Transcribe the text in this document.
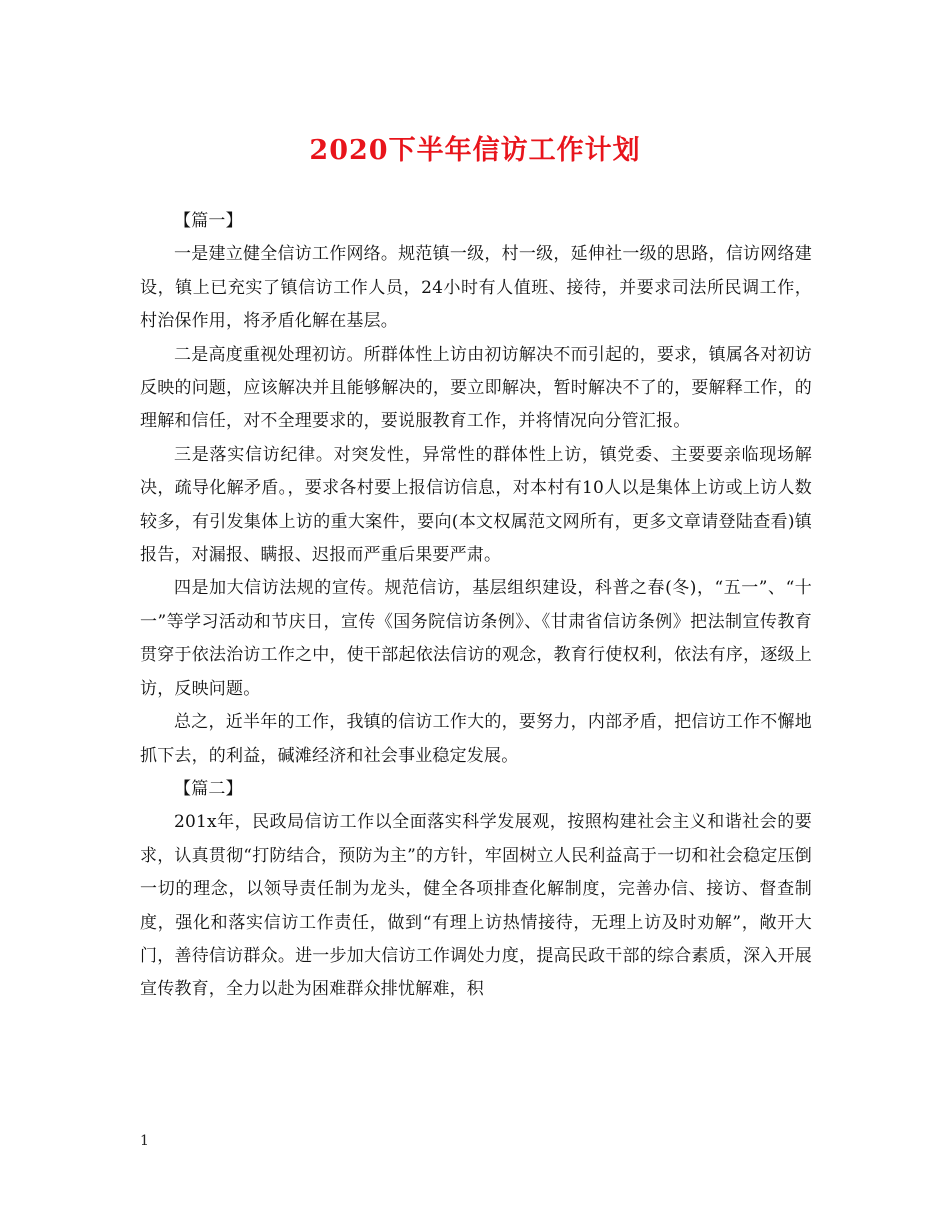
2020下半年信访工作计划

【篇一】

一是建立健全信访工作网络。规范镇一级，村一级，延伸社一级的思路，信访网络建设，镇上已充实了镇信访工作人员，24小时有人值班、接待，并要求司法所民调工作，村治保作用，将矛盾化解在基层。

二是高度重视处理初访。所群体性上访由初访解决不而引起的，要求，镇属各对初访反映的问题，应该解决并且能够解决的，要立即解决，暂时解决不了的，要解释工作，的理解和信任，对不全理要求的，要说服教育工作，并将情况向分管汇报。

三是落实信访纪律。对突发性，异常性的群体性上访，镇党委、主要要亲临现场解决，疏导化解矛盾。，要求各村要上报信访信息，对本村有10人以是集体上访或上访人数较多，有引发集体上访的重大案件，要向(本文权属范文网所有，更多文章请登陆查看)镇报告，对漏报、瞒报、迟报而严重后果要严肃。

四是加大信访法规的宣传。规范信访，基层组织建设，科普之春(冬)，“五一”、“十一”等学习活动和节庆日，宣传《国务院信访条例》、《甘肃省信访条例》把法制宣传教育贯穿于依法治访工作之中，使干部起依法信访的观念，教育行使权利，依法有序，逐级上访，反映问题。

总之，近半年的工作，我镇的信访工作大的，要努力，内部矛盾，把信访工作不懈地抓下去，的利益，碱滩经济和社会事业稳定发展。

【篇二】

201x年，民政局信访工作以全面落实科学发展观，按照构建社会主义和谐社会的要求，认真贯彻“打防结合，预防为主”的方针，牢固树立人民利益高于一切和社会稳定压倒一切的理念，以领导责任制为龙头，健全各项排查化解制度，完善办信、接访、督查制度，强化和落实信访工作责任，做到“有理上访热情接待，无理上访及时劝解”，敞开大门，善待信访群众。进一步加大信访工作调处力度，提高民政干部的综合素质，深入开展宣传教育，全力以赴为困难群众排忧解难，积

1
